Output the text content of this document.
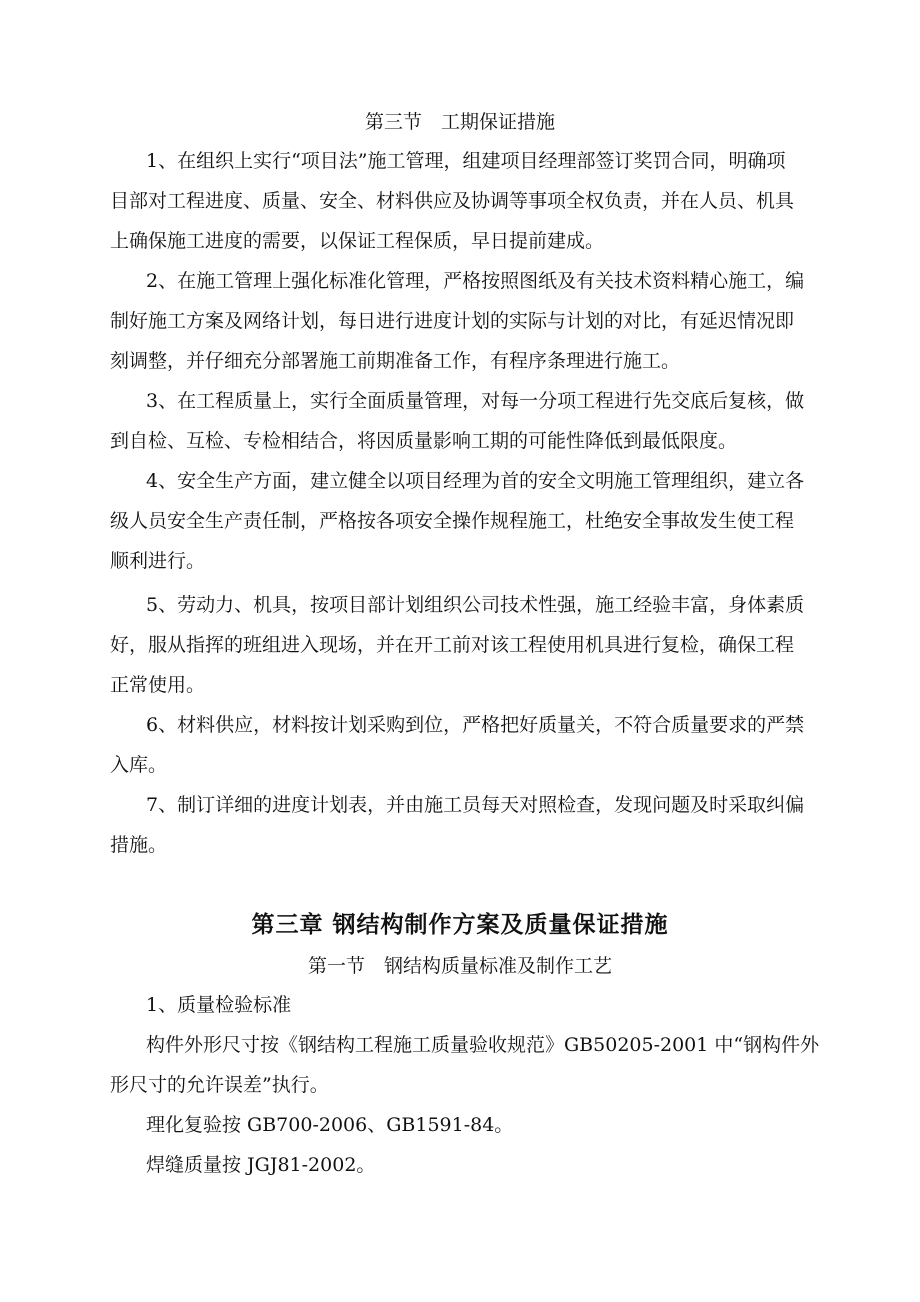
第三节　工期保证措施
1、在组织上实行“项目法”施工管理，组建项目经理部签订奖罚合同，明确项
目部对工程进度、质量、安全、材料供应及协调等事项全权负责，并在人员、机具
上确保施工进度的需要，以保证工程保质，早日提前建成。
2、在施工管理上强化标准化管理，严格按照图纸及有关技术资料精心施工，编
制好施工方案及网络计划，每日进行进度计划的实际与计划的对比，有延迟情况即
刻调整，并仔细充分部署施工前期准备工作，有程序条理进行施工。
3、在工程质量上，实行全面质量管理，对每一分项工程进行先交底后复核，做
到自检、互检、专检相结合，将因质量影响工期的可能性降低到最低限度。
4、安全生产方面，建立健全以项目经理为首的安全文明施工管理组织，建立各
级人员安全生产责任制，严格按各项安全操作规程施工，杜绝安全事故发生使工程
顺利进行。
5、劳动力、机具，按项目部计划组织公司技术性强，施工经验丰富，身体素质
好，服从指挥的班组进入现场，并在开工前对该工程使用机具进行复检，确保工程
正常使用。
6、材料供应，材料按计划采购到位，严格把好质量关，不符合质量要求的严禁
入库。
7、制订详细的进度计划表，并由施工员每天对照检查，发现问题及时采取纠偏
措施。
第三章 钢结构制作方案及质量保证措施
第一节　钢结构质量标准及制作工艺
1、质量检验标准
构件外形尺寸按《钢结构工程施工质量验收规范》GB50205-2001 中“钢构件外
形尺寸的允许误差”执行。
理化复验按 GB700-2006、GB1591-84。
焊缝质量按 JGJ81-2002。
